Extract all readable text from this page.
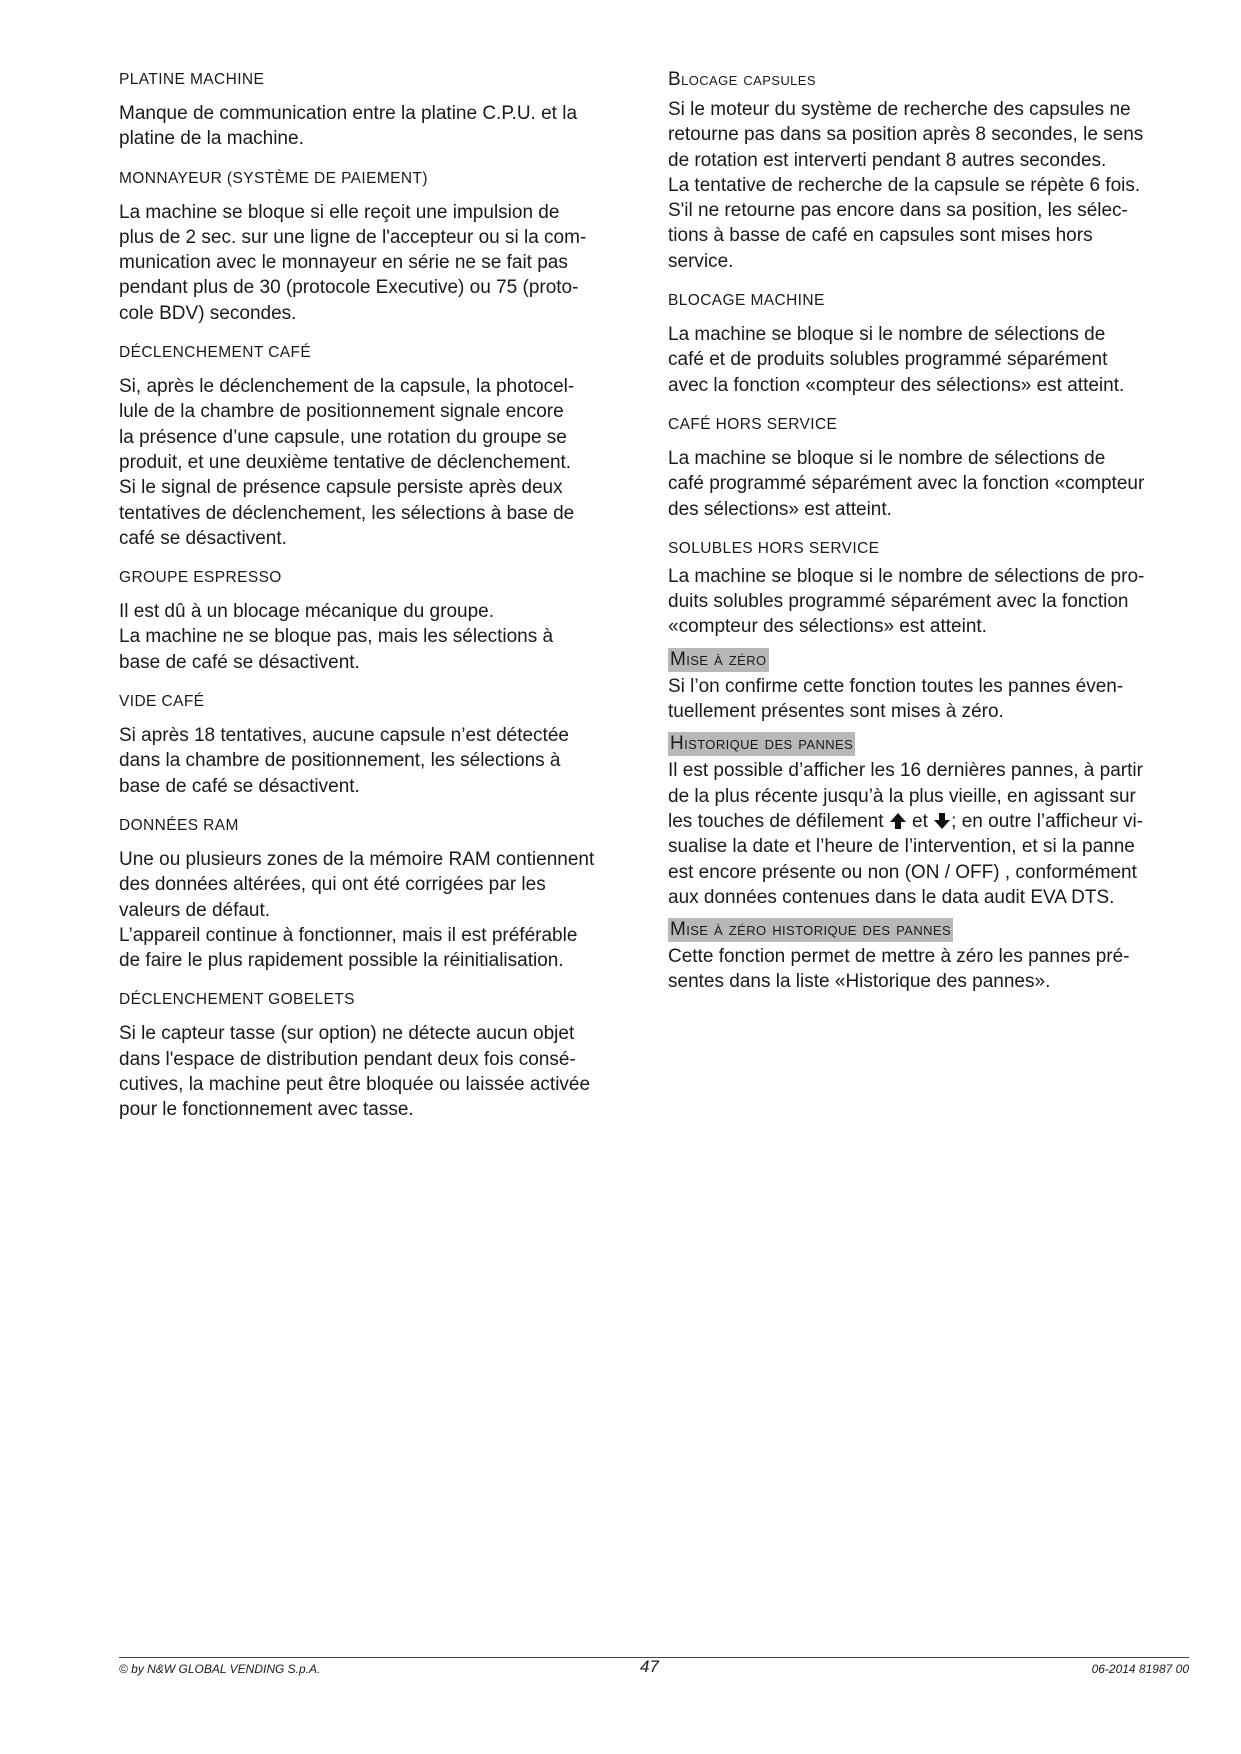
PLATINE MACHINE

Manque de communication entre la platine C.P.U. et la
platine de la machine.

MONNAYEUR (SYSTÈME DE PAIEMENT)

La machine se bloque si elle reçoit une impulsion de
plus de 2 sec. sur une ligne de l'accepteur ou si la com-
munication avec le monnayeur en série ne se fait pas
pendant plus de 30 (protocole Executive) ou 75 (proto-
cole BDV) secondes.

DÉCLENCHEMENT CAFÉ

Si, après le déclenchement de la capsule, la photocel-
lule de la chambre de positionnement signale encore
la présence d’une capsule, une rotation du groupe se
produit, et une deuxième tentative de déclenchement.
Si le signal de présence capsule persiste après deux
tentatives de déclenchement, les sélections à base de
café se désactivent.

GROUPE ESPRESSO

Il est dû à un blocage mécanique du groupe.
La machine ne se bloque pas, mais les sélections à
base de café se désactivent.

VIDE CAFÉ

Si après 18 tentatives, aucune capsule n’est détectée
dans la chambre de positionnement, les sélections à
base de café se désactivent.

DONNÉES RAM

Une ou plusieurs zones de la mémoire RAM contiennent
des données altérées, qui ont été corrigées par les
valeurs de défaut.
L’appareil continue à fonctionner, mais il est préférable
de faire le plus rapidement possible la réinitialisation.

DÉCLENCHEMENT GOBELETS

Si le capteur tasse (sur option) ne détecte aucun objet
dans l'espace de distribution pendant deux fois consé-
cutives, la machine peut être bloquée ou laissée activée
pour le fonctionnement avec tasse.

Blocage capsules

Si le moteur du système de recherche des capsules ne
retourne pas dans sa position après 8 secondes, le sens
de rotation est interverti pendant 8 autres secondes.
La tentative de recherche de la capsule se répète 6 fois.
S'il ne retourne pas encore dans sa position, les sélec-
tions à basse de café en capsules sont mises hors
service.

BLOCAGE MACHINE

La machine se bloque si le nombre de sélections de
café et de produits solubles programmé séparément
avec la fonction «compteur des sélections» est atteint.

CAFÉ HORS SERVICE

La machine se bloque si le nombre de sélections de
café programmé séparément avec la fonction «compteur
des sélections» est atteint.

SOLUBLES HORS SERVICE

La machine se bloque si le nombre de sélections de pro-
duits solubles programmé séparément avec la fonction
«compteur des sélections» est atteint.

Mise à zéro

Si l’on confirme cette fonction toutes les pannes éven-
tuellement présentes sont mises à zéro.

Historique des pannes

Il est possible d’afficher les 16 dernières pannes, à partir
de la plus récente jusqu’à la plus vieille, en agissant sur
les touches de défilement  et ; en outre l’afficheur vi-
sualise la date et l’heure de l’intervention, et si la panne
est encore présente ou non (ON / OFF) , conformément
aux données contenues dans le data audit EVA DTS.

Mise à zéro historique des pannes

Cette fonction permet de mettre à zéro les pannes pré-
sentes dans la liste «Historique des pannes».

© by N&W GLOBAL VENDING S.p.A.	47	06-2014 81987 00
